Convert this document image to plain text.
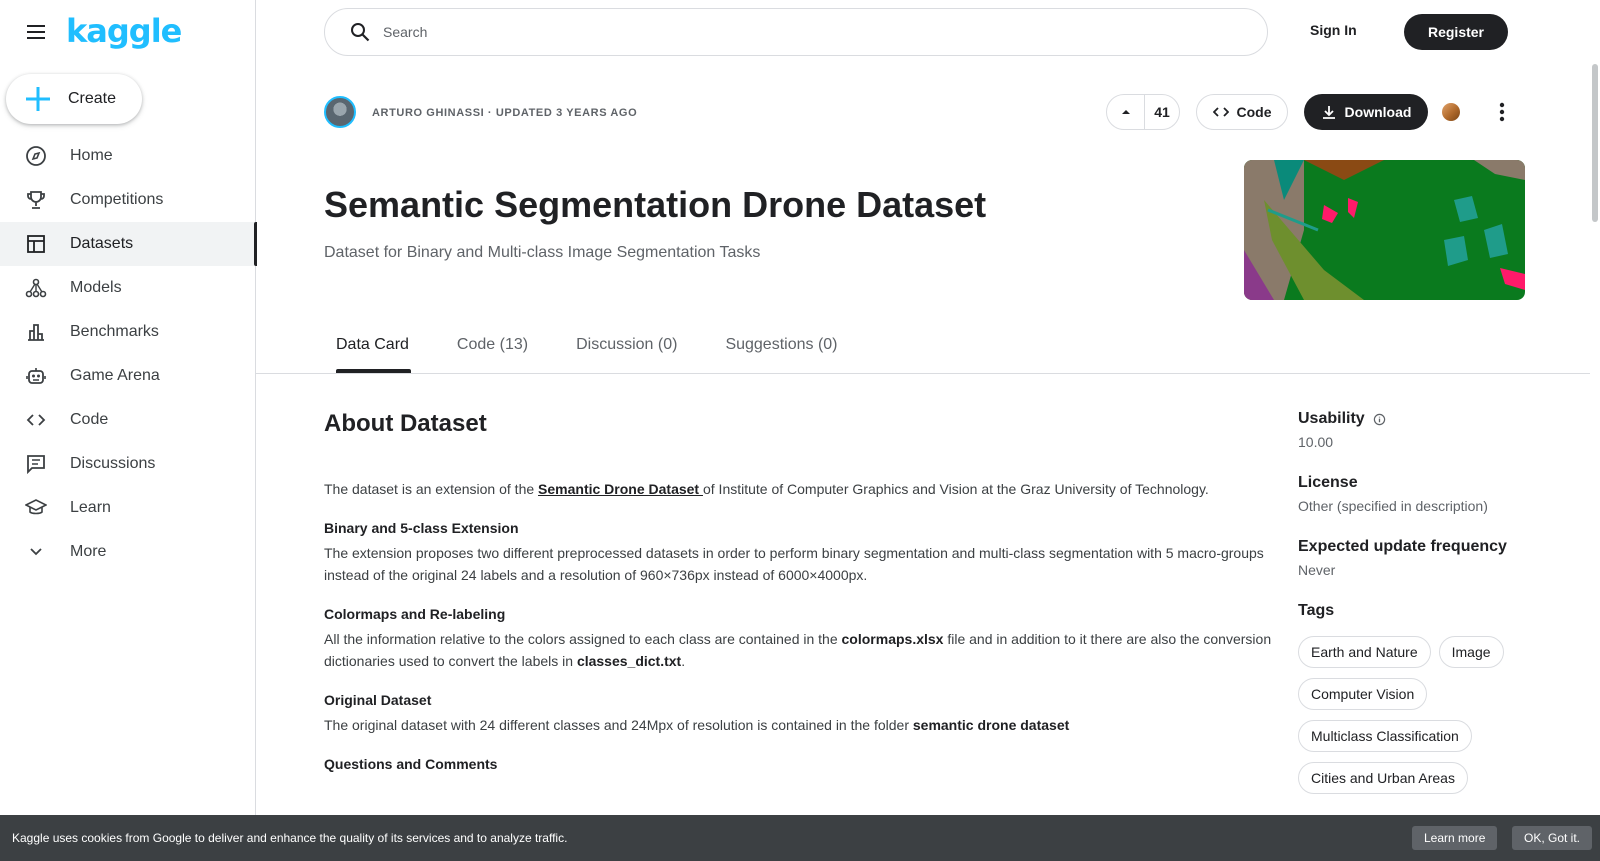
kaggle
Create
Home
Competitions
Datasets
Models
Benchmarks
Game Arena
Code
Discussions
Learn
More
Search	Sign In	Register
ARTURO GHINASSI · UPDATED 3 YEARS AGO	41	Code	Download
Semantic Segmentation Drone Dataset
Dataset for Binary and Multi-class Image Segmentation Tasks
Data Card	Code (13)	Discussion (0)	Suggestions (0)
About Dataset

The dataset is an extension of the Semantic Drone Dataset of Institute of Computer Graphics and Vision at the Graz University of Technology.

Binary and 5-class Extension

The extension proposes two different preprocessed datasets in order to perform binary segmentation and multi-class segmentation with 5 macro-groups instead of the original 24 labels and a resolution of 960×736px instead of 6000×4000px.

Colormaps and Re-labeling

All the information relative to the colors assigned to each class are contained in the colormaps.xlsx file and in addition to it there are also the conversion dictionaries used to convert the labels in classes_dict.txt.

Original Dataset

The original dataset with 24 different classes and 24Mpx of resolution is contained in the folder semantic drone dataset

Questions and Comments
Usability
10.00
License
Other (specified in description)
Expected update frequency
Never
Tags
Earth and Nature	Image
Computer Vision
Multiclass Classification
Cities and Urban Areas
Kaggle uses cookies from Google to deliver and enhance the quality of its services and to analyze traffic.	Learn more	OK, Got it.
